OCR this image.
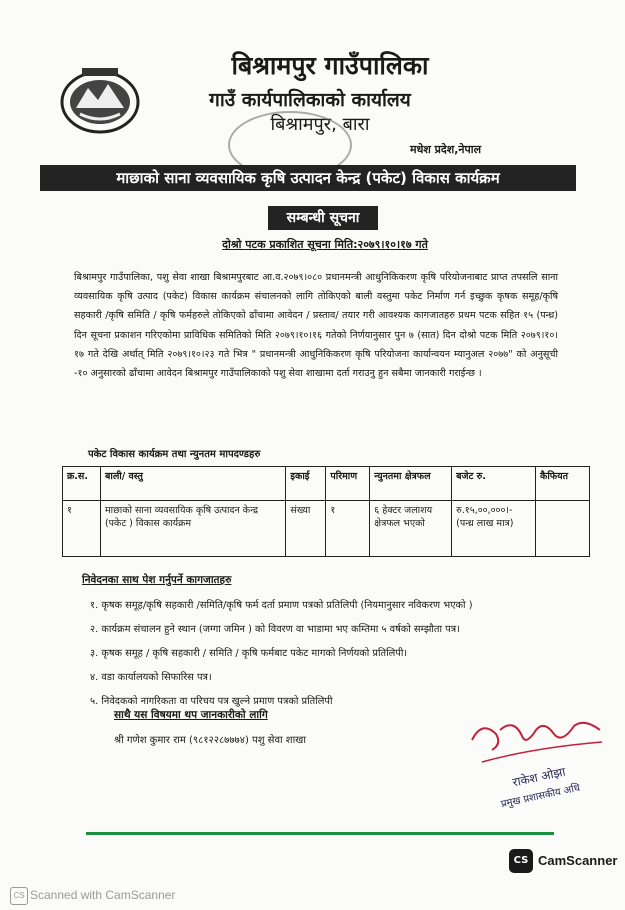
बिश्रामपुर गाउँपालिका
गाउँ कार्यपालिकाको कार्यालय
बिश्रामपुर, बारा
मधेश प्रदेश,नेपाल
माछाको साना व्यवसायिक कृषि उत्पादन केन्द्र (पकेट) विकास कार्यक्रम
सम्बन्धी सूचना
दोश्रो पटक प्रकाशित सूचना मिति:२०७९।१०।१७ गते
बिश्रामपुर गाउँपालिका, पशु सेवा शाखा बिश्रामपुरबाट आ.व.२०७९।०८० प्रधानमन्त्री आधुनिकिकरण कृषि परियोजनाबाट प्राप्त तपसलि साना व्यवसायिक कृषि उत्पाद (पकेट) विकास कार्यक्रम संचालनको लागि तोकिएको बाली वस्तुमा पकेट निर्माण गर्न इच्छुक कृषक समूह/कृषि सहकारी /कृषि समिति / कृषि फर्महरुले तोकिएको ढाँचामा आवेदन / प्रस्ताव/ तयार गरी आवश्यक कागजातहरु प्रथम पटक सहित १५ (पन्ध्र) दिन सूचना प्रकाशन गरिएकोमा प्राविधिक समितिको मिति २०७९।१०।१६ गतेको निर्णयानुसार पुन ७ (सात) दिन दोश्रो पटक मिति २०७९।१०।१७ गते देखि अर्थात् मिति २०७९।१०।२३ गते भित्र " प्रधानमन्त्री आधुनिकिकरण कृषि परियोजना कार्यान्वयन म्यानुअल २०७७" को अनुसूची -१० अनुसारको ढाँचामा आवेदन बिश्रामपुर गाउँपालिकाको पशु सेवा शाखामा दर्ता गराउनु हुन सबैमा जानकारी गराईन्छ ।
पकेट विकास कार्यक्रम तथा न्युनतम मापदण्डहरु
क्र.स.	बाली/ वस्तु	इकाई	परिमाण	न्युनतमा क्षेत्रफल	बजेट रु.	कैफियत
१	माछाको साना व्यवसायिक कृषि उत्पादन केन्द्र (पकेट ) विकास कार्यक्रम	संख्या	१	६ हेक्टर जलाशय क्षेत्रफल भएको	रु.१५,००,०००।-
(पन्ध्र लाख मात्र)	

निवेदनका साथ पेश गर्नुपर्ने कागजातहरु
१. कृषक समूह/कृषि सहकारी /समिति/कृषि फर्म दर्ता प्रमाण पत्रको प्रतिलिपी (नियमानुसार नविकरण भएको )
२. कार्यक्रम संचालन हुने स्थान (जग्गा जमिन ) को विवरण वा भाडामा भए कम्तिमा ५ वर्षको सम्झौता पत्र।
३. कृषक समूह / कृषि सहकारी / समिति / कृषि फर्मबाट पकेट मागको निर्णयको प्रतिलिपी।
४. वडा कार्यालयको सिफारिस पत्र।
५. निवेदकको नागरिकता वा परिचय पत्र खुल्ने प्रमाण पत्रको प्रतिलिपी
साथै यस विषयमा थप जानकारीको लागि
श्री गणेश कुमार राम (९८१२२८७७७४) पशु सेवा शाखा
राकेश ओझा
प्रमुख प्रशासकीय अधि
CS CamScanner
CS Scanned with CamScanner
